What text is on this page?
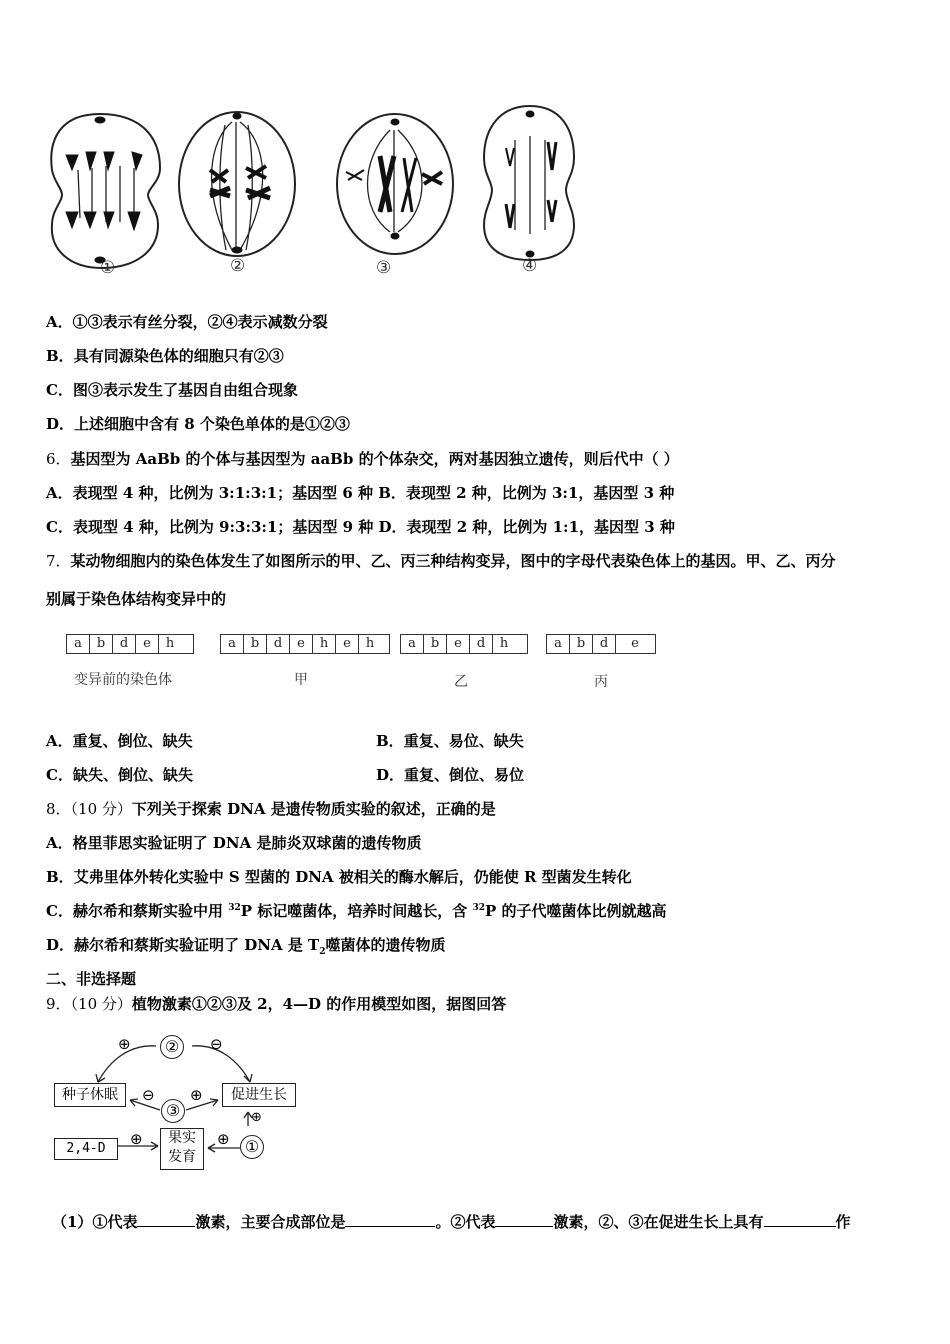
①	②	③	④
A．①③表示有丝分裂，②④表示减数分裂
B．具有同源染色体的细胞只有②③
C．图③表示发生了基因自由组合现象
D．上述细胞中含有 8 个染色单体的是①②③
6．基因型为 AaBb 的个体与基因型为 aaBb 的个体杂交，两对基因独立遗传，则后代中（ ）
A．表现型 4 种，比例为 3:1:3:1；基因型 6 种 B．表现型 2 种，比例为 3:1，基因型 3 种
C．表现型 4 种，比例为 9:3:3:1；基因型 9 种 D．表现型 2 种，比例为 1:1，基因型 3 种
7．某动物细胞内的染色体发生了如图所示的甲、乙、丙三种结构变异，图中的字母代表染色体上的基因。甲、乙、丙分
别属于染色体结构变异中的
a	b	d	e	h
变异前的染色体
a	b	d	e	h	e	h
甲
a	b	e	d	h
乙
a	b	d	e
丙
A．重复、倒位、缺失	B．重复、易位、缺失
C．缺失、倒位、缺失	D．重复、倒位、易位
8．（10 分）下列关于探索 DNA 是遗传物质实验的叙述，正确的是
A．格里菲思实验证明了 DNA 是肺炎双球菌的遗传物质
B．艾弗里体外转化实验中 S 型菌的 DNA 被相关的酶水解后，仍能使 R 型菌发生转化
C．赫尔希和蔡斯实验中用 $^{32}$P 标记噬菌体，培养时间越长，含 $^{32}$P 的子代噬菌体比例就越高
D．赫尔希和蔡斯实验证明了 DNA 是 $T_2$噬菌体的遗传物质
二、非选择题
9．（10 分）植物激素①②③及 2，4—D 的作用模型如图，据图回答
②
⊕	⊖
种子休眠	促进生长
⊖ ⊕
③	⊕
2,4-D
⊕	果实
发育
⊕ ①
（1）①代表	激素，主要合成部位是	。②代表	激素，②、③在促进生长上具有	作
